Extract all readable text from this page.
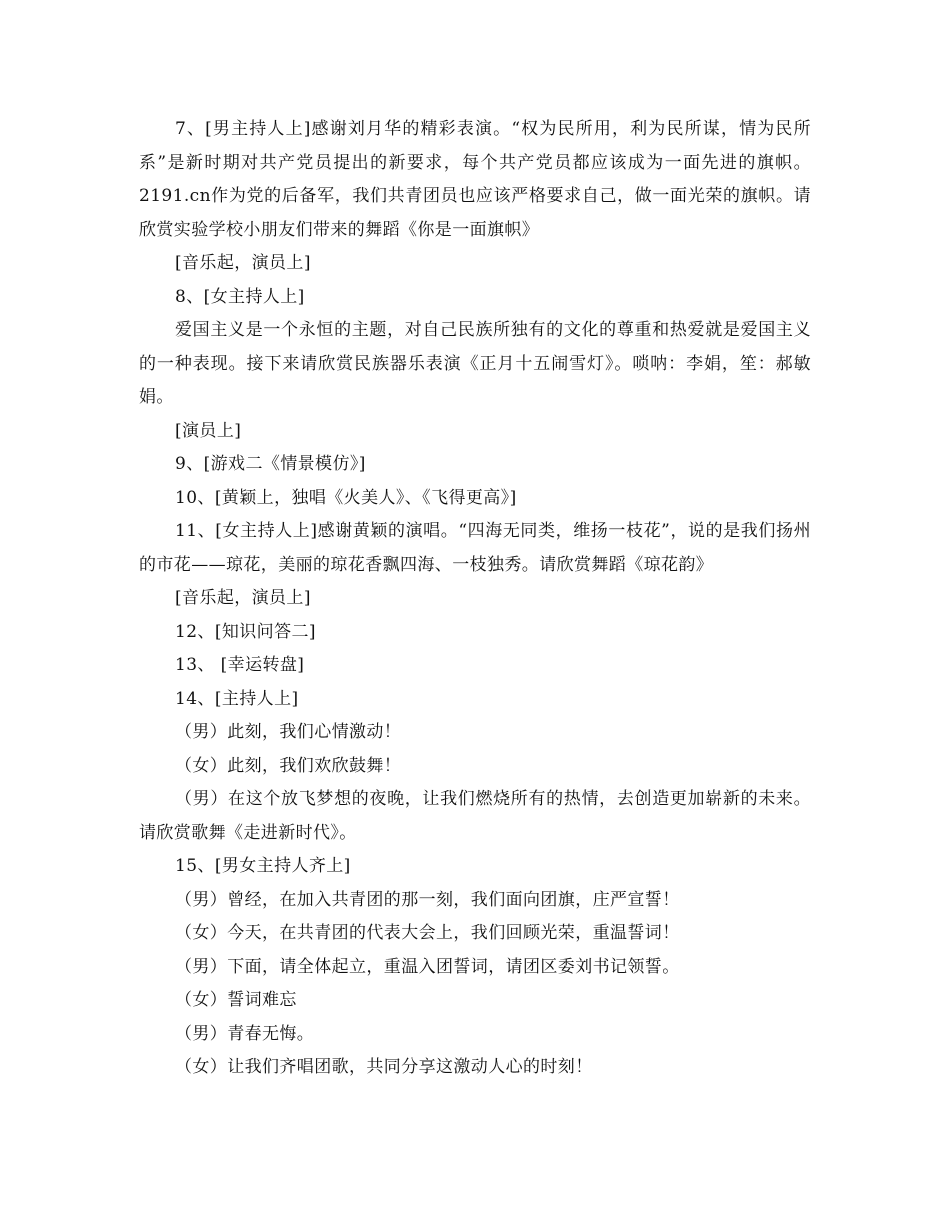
7、[男主持人上]感谢刘月华的精彩表演。“权为民所用，利为民所谋，情为民所系”是新时期对共产党员提出的新要求，每个共产党员都应该成为一面先进的旗帜。2191.cn作为党的后备军，我们共青团员也应该严格要求自己，做一面光荣的旗帜。请欣赏实验学校小朋友们带来的舞蹈《你是一面旗帜》

[音乐起，演员上]

8、[女主持人上]

爱国主义是一个永恒的主题，对自己民族所独有的文化的尊重和热爱就是爱国主义的一种表现。接下来请欣赏民族器乐表演《正月十五闹雪灯》。唢呐：李娟，笙：郝敏娟。

[演员上]

9、[游戏二《情景模仿》]

10、[黄颖上，独唱《火美人》、《飞得更高》]

11、[女主持人上]感谢黄颖的演唱。“四海无同类，维扬一枝花”，说的是我们扬州的市花——琼花，美丽的琼花香飘四海、一枝独秀。请欣赏舞蹈《琼花韵》

[音乐起，演员上]

12、[知识问答二]

13、 [幸运转盘]

14、[主持人上]

（男）此刻，我们心情激动！

（女）此刻，我们欢欣鼓舞！

（男）在这个放飞梦想的夜晚，让我们燃烧所有的热情，去创造更加崭新的未来。请欣赏歌舞《走进新时代》。

15、[男女主持人齐上]

（男）曾经，在加入共青团的那一刻，我们面向团旗，庄严宣誓！

（女）今天，在共青团的代表大会上，我们回顾光荣，重温誓词！

（男）下面，请全体起立，重温入团誓词，请团区委刘书记领誓。

（女）誓词难忘

（男）青春无悔。

（女）让我们齐唱团歌，共同分享这激动人心的时刻！
